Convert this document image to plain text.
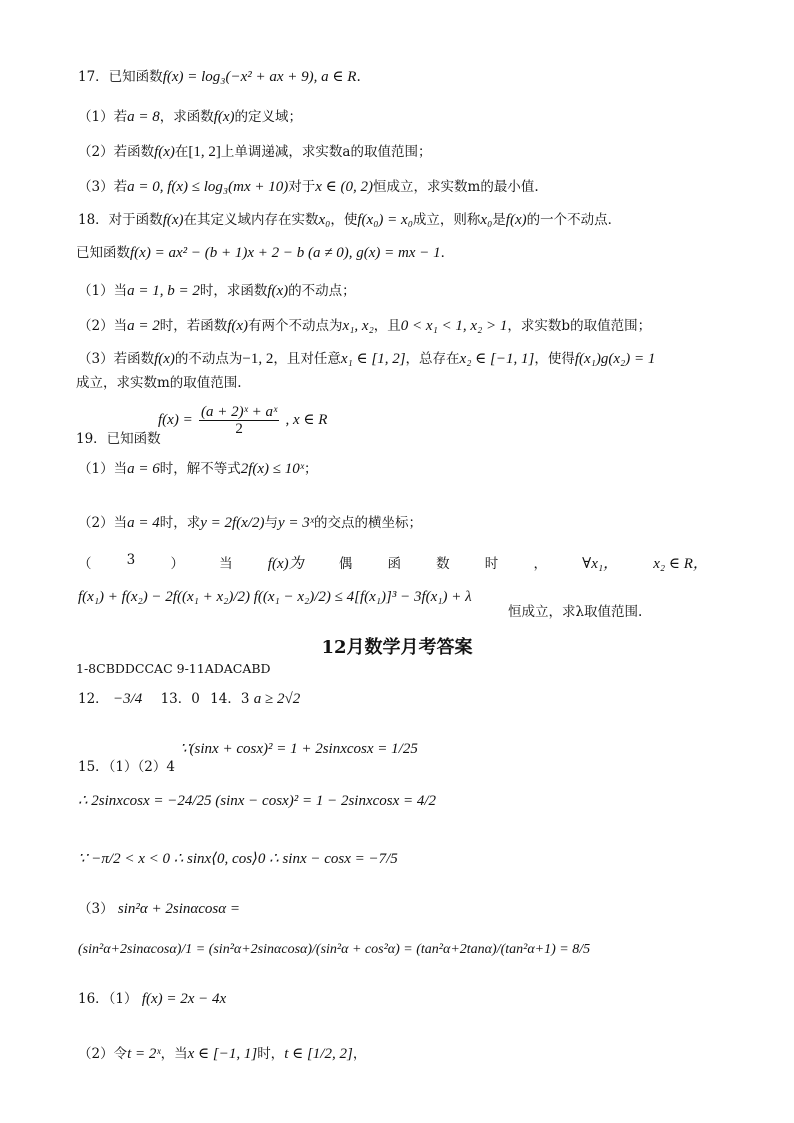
17．已知函数f(x) = log₃(−x² + ax + 9), a ∈ R.
（1）若a = 8，求函数f(x)的定义域；
（2）若函数f(x)在[1, 2]上单调递减，求实数a的取值范围；
（3）若a = 0, f(x) ≤ log₃(mx + 10)对于x ∈ (0, 2)恒成立，求实数m的最小值.
18．对于函数f(x)在其定义域内存在实数x₀，使f(x₀) = x₀成立，则称x₀是f(x)的一个不动点．
已知函数f(x) = ax² − (b + 1)x + 2 − b (a ≠ 0), g(x) = mx − 1．
（1）当a = 1, b = 2时，求函数f(x)的不动点；
（2）当a = 2时，若函数f(x)有两个不动点为x₁, x₂，且0 < x₁ < 1, x₂ > 1，求实数b的取值范围；
（3）若函数f(x)的不动点为−1, 2，且对任意x₁ ∈ [1, 2]，总存在x₂ ∈ [−1, 1]，使得f(x₁)g(x₂) = 1
成立，求实数m的取值范围.
$f(x) = \frac{\text{(a + 2)ˣ + aˣ}}{2}$ , x ∈ R
19．已知函数
（1）当a = 6时，解不等式2f(x) ≤ 10ˣ；
（2）当a = 4时，求y = 2f(x/2)与y = 3ˣ的交点的横坐标；
（	3	）	当 f(x)为	偶	函	数	时	， ∀x₁， x₂ ∈ R，
f(x₁) + f(x₂) − 2f((x₁ + x₂)/2) f((x₁ − x₂)/2) ≤ 4[f(x₁)]³ − 3f(x₁) + λ
恒成立，求λ取值范围.
12月数学月考答案
1-8CBDDCCAC 9-11ADACABD
12． −3/4 13．0 14．3 a ≥ 2√2
∵(sinx + cosx)² = 1 + 2sinxcosx = 1/25
15．（1）（2）4
∴ 2sinxcosx = −24/25 (sinx − cosx)² = 1 − 2sinxcosx = 4/2
∵ −π/2 < x < 0 ∴ sinx⟨0, cos⟩0 ∴ sinx − cosx = −7/5
（3） sin²α + 2sinαcosα =
(sin²α+2sinαcosα)/1 = (sin²α+2sinαcosα)/(sin²α + cos²α) = (tan²α+2tanα)/(tan²α+1) = 8/5
16．（1） f(x) = 2x − 4x
（2）令t = 2ˣ，当x ∈ [−1, 1]时，t ∈ [1/2, 2]，
